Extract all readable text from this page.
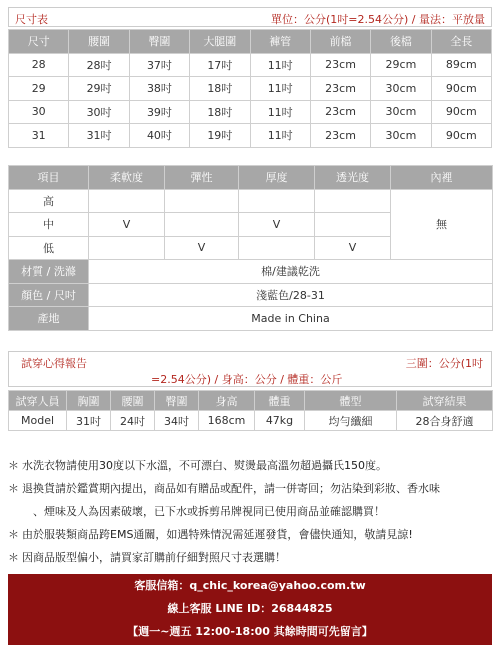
尺寸表	單位：公分(1吋=2.54公分) / 量法：平放量
尺寸	腰圍	臀圍	大腿圍	褲管	前檔	後檔	全長
28	28吋	37吋	17吋	11吋	23cm	29cm	89cm
29	29吋	38吋	18吋	11吋	23cm	30cm	90cm
30	30吋	39吋	18吋	11吋	23cm	30cm	90cm
31	31吋	40吋	19吋	11吋	23cm	30cm	90cm
項目	柔軟度	彈性	厚度	透光度	內裡
高					無
中	V		V		
低		V		V	
材質 / 洗滌	棉/建議乾洗				
顏色 / 尺吋	淺藍色/28-31				
產地	Made in China				
試穿心得報告	三圍：公分(1吋
=2.54公分) / 身高：公分 / 體重：公斤
試穿人員	胸圍	腰圍	臀圍	身高	體重	體型	試穿結果
Model	31吋	24吋	34吋	168cm	47kg	均勻纖細	28合身舒適
＊ 水洗衣物請使用30度以下水溫，不可漂白、熨燙最高溫勿超過攝氏150度。
＊ 退換貨請於鑑賞期內提出，商品如有贈品或配件，請一併寄回；勿沾染到彩妝、香水味
、煙味及人為因素破壞，已下水或拆剪吊牌視同已使用商品並確認購買！
＊ 由於服裝類商品跨EMS通關，如遇特殊情況需延遲發貨，會儘快通知，敬請見諒!
＊ 因商品版型偏小，請買家訂購前仔細對照尺寸表選購！
客服信箱：q_chic_korea@yahoo.com.tw
線上客服 LINE ID：26844825
【週一~週五 12:00-18:00 其餘時間可先留言】
